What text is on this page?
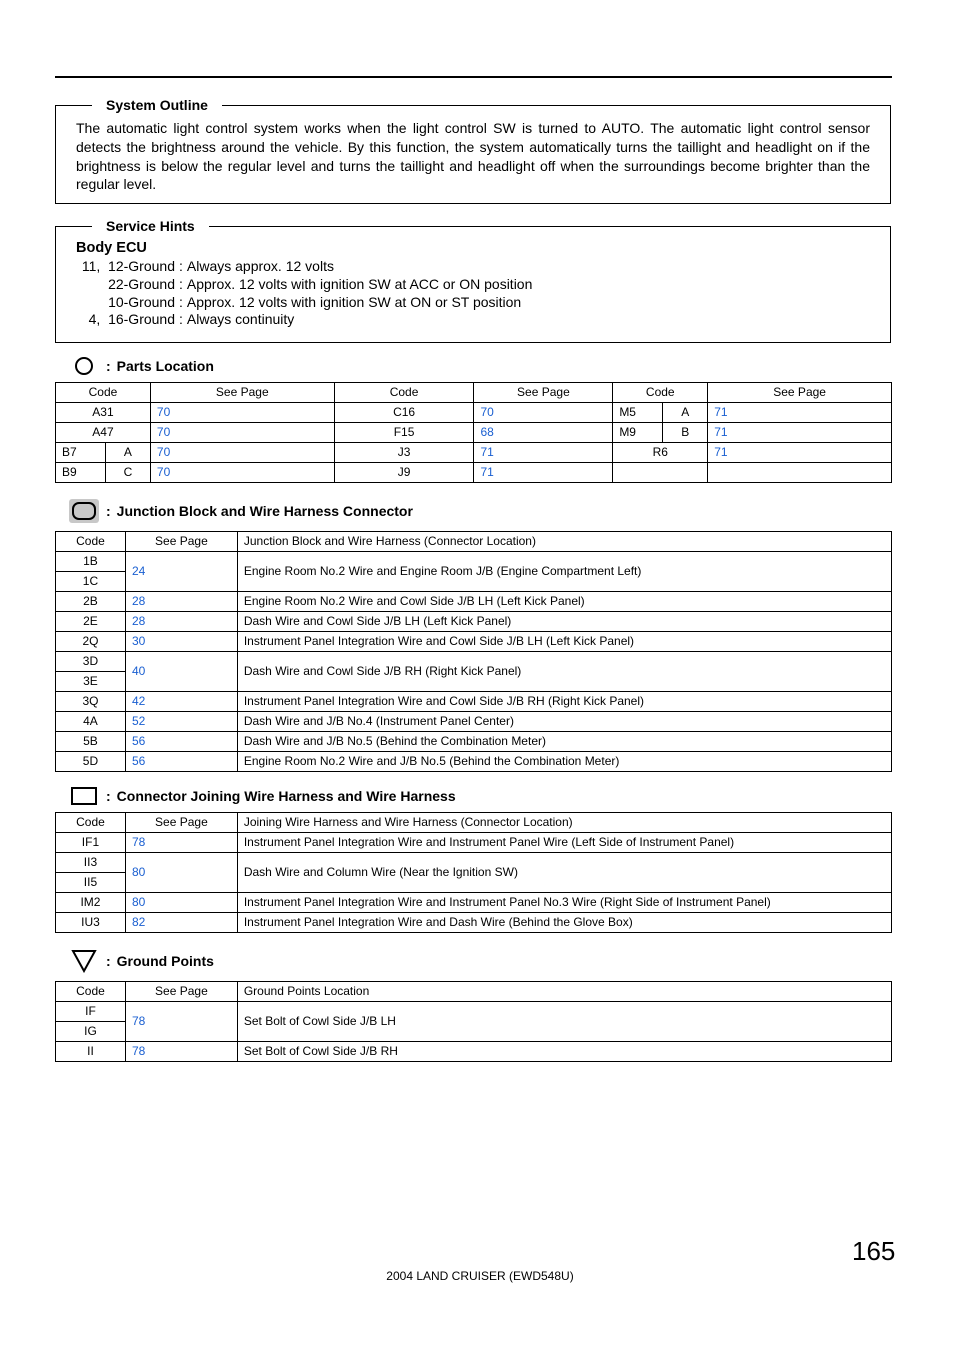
System Outline
The automatic light control system works when the light control SW is turned to AUTO. The automatic light control sensor detects the brightness around the vehicle. By this function, the system automatically turns the taillight and headlight on if the brightness is below the regular level and turns the taillight and headlight off when the surroundings become brighter than the regular level.
Service Hints
Body ECU
11,  12-Ground : Always approx. 12 volts
22-Ground : Approx. 12 volts with ignition SW at ACC or ON position
10-Ground : Approx. 12 volts with ignition SW at ON or ST position
4,  16-Ground : Always continuity
: Parts Location
Code		See Page	Code	See Page	Code		See Page
A31		70	C16	70	M5	A	71
A47		70	F15	68	M9	B	71
B7	A	70	J3	71	R6		71
B9	C	70	J9	71			
: Junction Block and Wire Harness Connector
Code	See Page	Junction Block and Wire Harness (Connector Location)
1B	24	Engine Room No.2 Wire and Engine Room J/B (Engine Compartment Left)
1C		
2B	28	Engine Room No.2 Wire and Cowl Side J/B LH (Left Kick Panel)
2E	28	Dash Wire and Cowl Side J/B LH (Left Kick Panel)
2Q	30	Instrument Panel Integration Wire and Cowl Side J/B LH (Left Kick Panel)
3D	40	Dash Wire and Cowl Side J/B RH (Right Kick Panel)
3E		
3Q	42	Instrument Panel Integration Wire and Cowl Side J/B RH (Right Kick Panel)
4A	52	Dash Wire and J/B No.4 (Instrument Panel Center)
5B	56	Dash Wire and J/B No.5 (Behind the Combination Meter)
5D	56	Engine Room No.2 Wire and J/B No.5 (Behind the Combination Meter)
: Connector Joining Wire Harness and Wire Harness
Code	See Page	Joining Wire Harness and Wire Harness (Connector Location)
IF1	78	Instrument Panel Integration Wire and Instrument Panel Wire (Left Side of Instrument Panel)
II3	80	Dash Wire and Column Wire (Near the Ignition SW)
II5		
IM2	80	Instrument Panel Integration Wire and Instrument Panel No.3 Wire (Right Side of Instrument Panel)
IU3	82	Instrument Panel Integration Wire and Dash Wire (Behind the Glove Box)
: Ground Points
Code	See Page	Ground Points Location
IF	78	Set Bolt of Cowl Side J/B LH
IG		
II	78	Set Bolt of Cowl Side J/B RH
165
2004 LAND CRUISER (EWD548U)
